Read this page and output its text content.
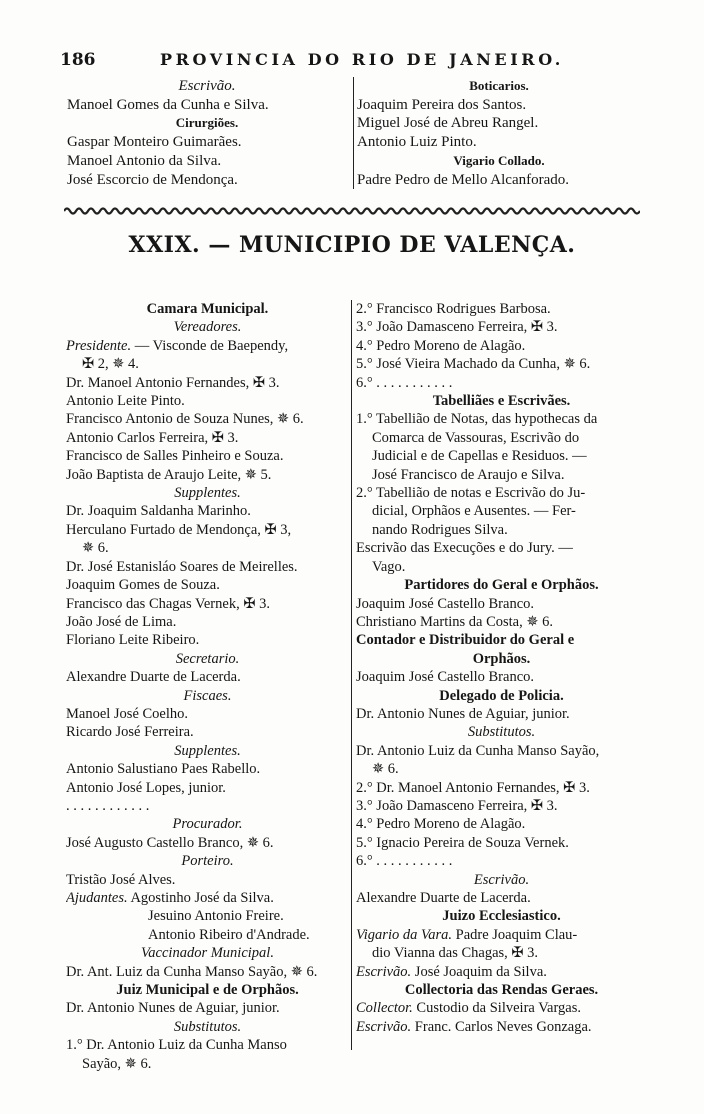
186	PROVINCIA DO RIO DE JANEIRO.
Escrivão.
Manoel Gomes da Cunha e Silva.
Cirurgiões.
Gaspar Monteiro Guimarães.
Manoel Antonio da Silva.
José Escorcio de Mendonça.
Boticarios.
Joaquim Pereira dos Santos.
Miguel José de Abreu Rangel.
Antonio Luiz Pinto.
Vigario Collado.
Padre Pedro de Mello Alcanforado.
XXIX. — MUNICIPIO DE VALENÇA.
Camara Municipal.
Vereadores.
Presidente. — Visconde de Baependy,
✠ 2, ✵ 4.
Dr. Manoel Antonio Fernandes, ✠ 3.
Antonio Leite Pinto.
Francisco Antonio de Souza Nunes, ✵ 6.
Antonio Carlos Ferreira, ✠ 3.
Francisco de Salles Pinheiro e Souza.
João Baptista de Araujo Leite, ✵ 5.
Supplentes.
Dr. Joaquim Saldanha Marinho.
Herculano Furtado de Mendonça, ✠ 3,
✵ 6.
Dr. José Estanisláo Soares de Meirelles.
Joaquim Gomes de Souza.
Francisco das Chagas Vernek, ✠ 3.
João José de Lima.
Floriano Leite Ribeiro.
Secretario.
Alexandre Duarte de Lacerda.
Fiscaes.
Manoel José Coelho.
Ricardo José Ferreira.
Supplentes.
Antonio Salustiano Paes Rabello.
Antonio José Lopes, junior.
. . . . . . . . . . . .
Procurador.
José Augusto Castello Branco, ✵ 6.
Porteiro.
Tristão José Alves.
Ajudantes. Agostinho José da Silva.
Jesuino Antonio Freire.
Antonio Ribeiro d'Andrade.
Vaccinador Municipal.
Dr. Ant. Luiz da Cunha Manso Sayão, ✵ 6.
Juiz Municipal e de Orphãos.
Dr. Antonio Nunes de Aguiar, junior.
Substitutos.
1.° Dr. Antonio Luiz da Cunha Manso
Sayão, ✵ 6.
2.° Francisco Rodrigues Barbosa.
3.° João Damasceno Ferreira, ✠ 3.
4.° Pedro Moreno de Alagão.
5.° José Vieira Machado da Cunha, ✵ 6.
6.° . . . . . . . . . . .
Tabelliães e Escrivães.
1.° Tabellião de Notas, das hypothecas da
Comarca de Vassouras, Escrivão do
Judicial e de Capellas e Residuos. —
José Francisco de Araujo e Silva.
2.° Tabellião de notas e Escrivão do Ju-
dicial, Orphãos e Ausentes. — Fer-
nando Rodrigues Silva.
Escrivão das Execuções e do Jury. —
Vago.
Partidores do Geral e Orphãos.
Joaquim José Castello Branco.
Christiano Martins da Costa, ✵ 6.
Contador e Distribuidor do Geral e
Orphãos.
Joaquim José Castello Branco.
Delegado de Policia.
Dr. Antonio Nunes de Aguiar, junior.
Substitutos.
Dr. Antonio Luiz da Cunha Manso Sayão,
✵ 6.
2.° Dr. Manoel Antonio Fernandes, ✠ 3.
3.° João Damasceno Ferreira, ✠ 3.
4.° Pedro Moreno de Alagão.
5.° Ignacio Pereira de Souza Vernek.
6.° . . . . . . . . . . .
Escrivão.
Alexandre Duarte de Lacerda.
Juizo Ecclesiastico.
Vigario da Vara. Padre Joaquim Clau-
dio Vianna das Chagas, ✠ 3.
Escrivão. José Joaquim da Silva.
Collectoria das Rendas Geraes.
Collector. Custodio da Silveira Vargas.
Escrivão. Franc. Carlos Neves Gonzaga.
